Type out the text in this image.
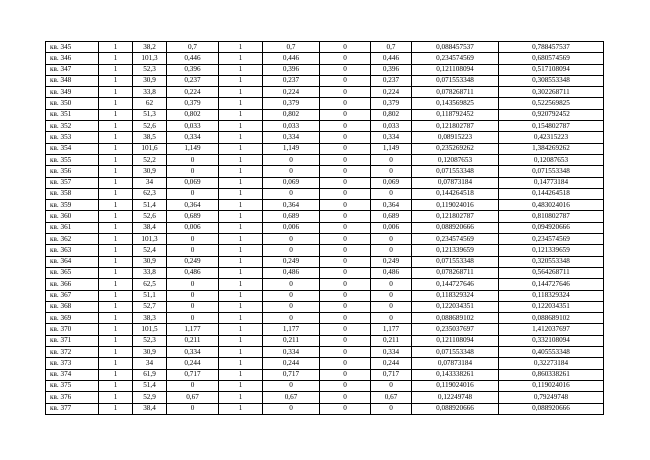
кв. 345	1	38,2	0,7	1	0,7	0	0,7	0,088457537	0,788457537
кв. 346	1	101,3	0,446	1	0,446	0	0,446	0,234574569	0,680574569
кв. 347	1	52,3	0,396	1	0,396	0	0,396	0,121108094	0,517108094
кв. 348	1	30,9	0,237	1	0,237	0	0,237	0,071553348	0,308553348
кв. 349	1	33,8	0,224	1	0,224	0	0,224	0,078268711	0,302268711
кв. 350	1	62	0,379	1	0,379	0	0,379	0,143569825	0,522569825
кв. 351	1	51,3	0,802	1	0,802	0	0,802	0,118792452	0,920792452
кв. 352	1	52,6	0,033	1	0,033	0	0,033	0,121802787	0,154802787
кв. 353	1	38,5	0,334	1	0,334	0	0,334	0,08915223	0,42315223
кв. 354	1	101,6	1,149	1	1,149	0	1,149	0,235269262	1,384269262
кв. 355	1	52,2	0	1	0	0	0	0,12087653	0,12087653
кв. 356	1	30,9	0	1	0	0	0	0,071553348	0,071553348
кв. 357	1	34	0,069	1	0,069	0	0,069	0,07873184	0,14773184
кв. 358	1	62,3	0	1	0	0	0	0,144264518	0,144264518
кв. 359	1	51,4	0,364	1	0,364	0	0,364	0,119024016	0,483024016
кв. 360	1	52,6	0,689	1	0,689	0	0,689	0,121802787	0,810802787
кв. 361	1	38,4	0,006	1	0,006	0	0,006	0,088920666	0,094920666
кв. 362	1	101,3	0	1	0	0	0	0,234574569	0,234574569
кв. 363	1	52,4	0	1	0	0	0	0,121339659	0,121339659
кв. 364	1	30,9	0,249	1	0,249	0	0,249	0,071553348	0,320553348
кв. 365	1	33,8	0,486	1	0,486	0	0,486	0,078268711	0,564268711
кв. 366	1	62,5	0	1	0	0	0	0,144727646	0,144727646
кв. 367	1	51,1	0	1	0	0	0	0,118329324	0,118329324
кв. 368	1	52,7	0	1	0	0	0	0,122034351	0,122034351
кв. 369	1	38,3	0	1	0	0	0	0,088689102	0,088689102
кв. 370	1	101,5	1,177	1	1,177	0	1,177	0,235037697	1,412037697
кв. 371	1	52,3	0,211	1	0,211	0	0,211	0,121108094	0,332108094
кв. 372	1	30,9	0,334	1	0,334	0	0,334	0,071553348	0,405553348
кв. 373	1	34	0,244	1	0,244	0	0,244	0,07873184	0,32273184
кв. 374	1	61,9	0,717	1	0,717	0	0,717	0,143338261	0,860338261
кв. 375	1	51,4	0	1	0	0	0	0,119024016	0,119024016
кв. 376	1	52,9	0,67	1	0,67	0	0,67	0,12249748	0,79249748
кв. 377	1	38,4	0	1	0	0	0	0,088920666	0,088920666
